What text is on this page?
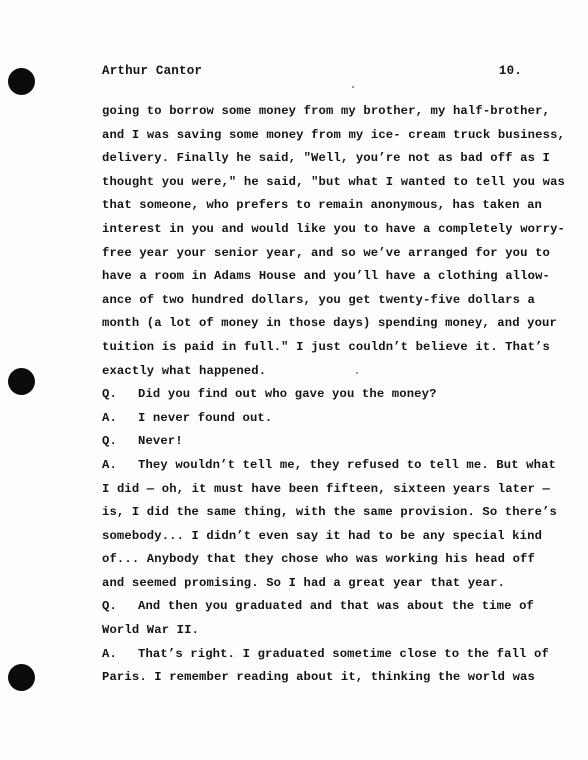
Arthur Cantor	10.
going to borrow some money from my brother, my half-brother,
and I was saving some money from my ice- cream truck business,
delivery. Finally he said, "Well, you’re not as bad off as I
thought you were," he said, "but what I wanted to tell you was
that someone, who prefers to remain anonymous, has taken an
interest in you and would like you to have a completely worry-
free year your senior year, and so we’ve arranged for you to
have a room in Adams House and you’ll have a clothing allow-
ance of two hundred dollars, you get twenty-five dollars a
month (a lot of money in those days) spending money, and your
tuition is paid in full." I just couldn’t believe it. That’s
exactly what happened.
Q.	Did you find out who gave you the money?
A.	I never found out.
Q.	Never!
A.	They wouldn’t tell me, they refused to tell me. But what
I did — oh, it must have been fifteen, sixteen years later —
is, I did the same thing, with the same provision. So there’s
somebody... I didn’t even say it had to be any special kind
of... Anybody that they chose who was working his head off
and seemed promising. So I had a great year that year.
Q.	And then you graduated and that was about the time of
World War II.
A.	That’s right. I graduated sometime close to the fall of
Paris. I remember reading about it, thinking the world was
